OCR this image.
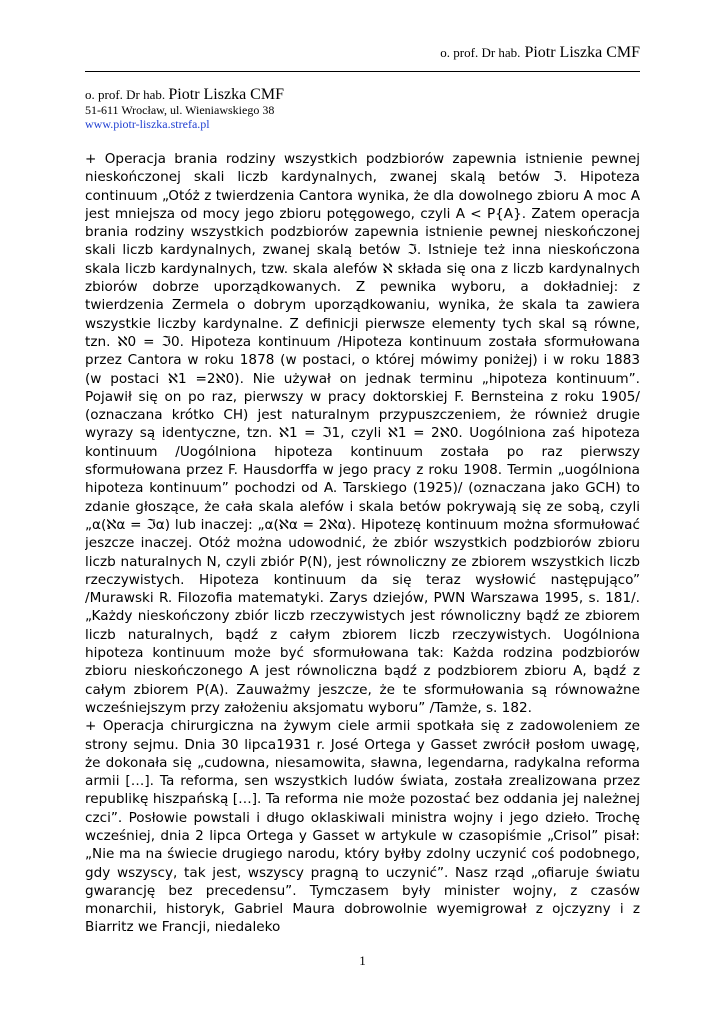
o. prof. Dr hab. Piotr Liszka CMF
o. prof. Dr hab. Piotr Liszka CMF
51-611 Wrocław, ul. Wieniawskiego 38
www.piotr-liszka.strefa.pl

+ Operacja brania rodziny wszystkich podzbiorów zapewnia istnienie pewnej nieskończonej skali liczb kardynalnych, zwanej skalą betów ℑ. Hipoteza continuum „Otóż z twierdzenia Cantora wynika, że dla dowolnego zbioru A moc A jest mniejsza od mocy jego zbioru potęgowego, czyli A < P{A}. Zatem operacja brania rodziny wszystkich podzbiorów zapewnia istnienie pewnej nieskończonej skali liczb kardynalnych, zwanej skalą betów ℑ. Istnieje też inna nieskończona skala liczb kardynalnych, tzw. skala alefów ℵ składa się ona z liczb kardynalnych zbiorów dobrze uporządkowanych. Z pewnika wyboru, a dokładniej: z twierdzenia Zermela o dobrym uporządkowaniu, wynika, że skala ta zawiera wszystkie liczby kardynalne. Z definicji pierwsze elementy tych skal są równe, tzn. ℵ0 = ℑ0. Hipoteza kontinuum /Hipoteza kontinuum została sformułowana przez Cantora w roku 1878 (w postaci, o której mówimy poniżej) i w roku 1883 (w postaci ℵ1 =2ℵ0). Nie używał on jednak terminu „hipoteza kontinuum”. Pojawił się on po raz, pierwszy w pracy doktorskiej F. Bernsteina z roku 1905/ (oznaczana krótko CH) jest naturalnym przypuszczeniem, że również drugie wyrazy są identyczne, tzn. ℵ1 = ℑ1, czyli ℵ1 = 2ℵ0. Uogólniona zaś hipoteza kontinuum /Uogólniona hipoteza kontinuum została po raz pierwszy sformułowana przez F. Hausdorffa w jego pracy z roku 1908. Termin „uogólniona hipoteza kontinuum” pochodzi od A. Tarskiego (1925)/ (oznaczana jako GCH) to zdanie głoszące, że cała skala alefów i skala betów pokrywają się ze sobą, czyli „α(ℵα = ℑα) lub inaczej: „α(ℵα = 2ℵα). Hipotezę kontinuum można sformułować jeszcze inaczej. Otóż można udowodnić, że zbiór wszystkich podzbiorów zbioru liczb naturalnych N, czyli zbiór P(N), jest równoliczny ze zbiorem wszystkich liczb rzeczywistych. Hipoteza kontinuum da się teraz wysłowić następująco” /Murawski R. Filozofia matematyki. Zarys dziejów, PWN Warszawa 1995, s. 181/. „Każdy nieskończony zbiór liczb rzeczywistych jest równoliczny bądź ze zbiorem liczb naturalnych, bądź z całym zbiorem liczb rzeczywistych. Uogólniona hipoteza kontinuum może być sformułowana tak: Każda rodzina podzbiorów zbioru nieskończonego A jest równoliczna bądź z podzbiorem zbioru A, bądź z całym zbiorem P(A). Zauważmy jeszcze, że te sformułowania są równoważne wcześniejszym przy założeniu aksjomatu wyboru” /Tamże, s. 182.

+ Operacja chirurgiczna na żywym ciele armii spotkała się z zadowoleniem ze strony sejmu. Dnia 30 lipca1931 r. José Ortega y Gasset zwrócił posłom uwagę, że dokonała się „cudowna, niesamowita, sławna, legendarna, radykalna reforma armii […]. Ta reforma, sen wszystkich ludów świata, została zrealizowana przez republikę hiszpańską […]. Ta reforma nie może pozostać bez oddania jej należnej czci”. Posłowie powstali i długo oklaskiwali ministra wojny i jego dzieło. Trochę wcześniej, dnia 2 lipca Ortega y Gasset w artykule w czasopiśmie „Crisol” pisał: „Nie ma na świecie drugiego narodu, który byłby zdolny uczynić coś podobnego, gdy wszyscy, tak jest, wszyscy pragną to uczynić”. Nasz rząd „ofiaruje światu gwarancję bez precedensu”. Tymczasem były minister wojny, z czasów monarchii, historyk, Gabriel Maura dobrowolnie wyemigrował z ojczyzny i z Biarritz we Francji, niedaleko

1
